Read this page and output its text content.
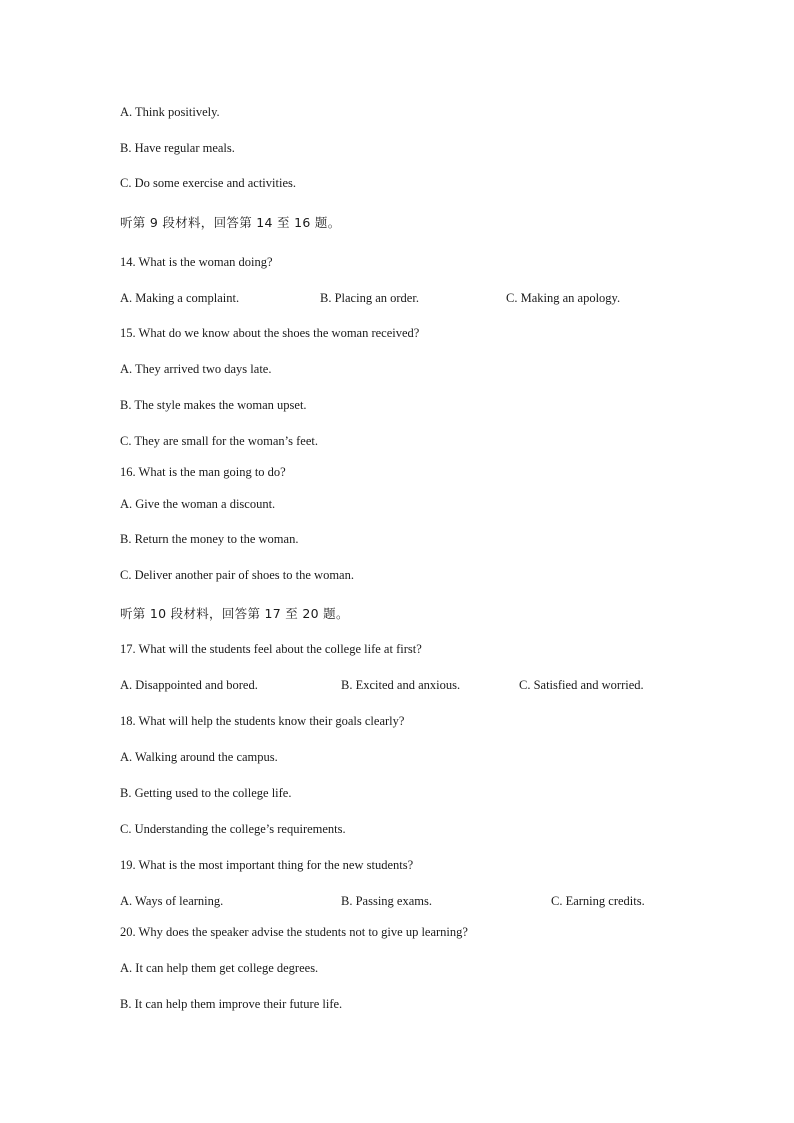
A. Think positively.
B. Have regular meals.
C. Do some exercise and activities.
听第 9 段材料，回答第 14 至 16 题。
14. What is the woman doing?
A. Making a complaint.	B. Placing an order.	C. Making an apology.
15. What do we know about the shoes the woman received?
A. They arrived two days late.
B. The style makes the woman upset.
C. They are small for the woman’s feet.
16. What is the man going to do?
A. Give the woman a discount.
B. Return the money to the woman.
C. Deliver another pair of shoes to the woman.
听第 10 段材料，回答第 17 至 20 题。
17. What will the students feel about the college life at first?
A. Disappointed and bored.	B. Excited and anxious.	C. Satisfied and worried.
18. What will help the students know their goals clearly?
A. Walking around the campus.
B. Getting used to the college life.
C. Understanding the college’s requirements.
19. What is the most important thing for the new students?
A. Ways of learning.	B. Passing exams.	C. Earning credits.
20. Why does the speaker advise the students not to give up learning?
A. It can help them get college degrees.
B. It can help them improve their future life.
